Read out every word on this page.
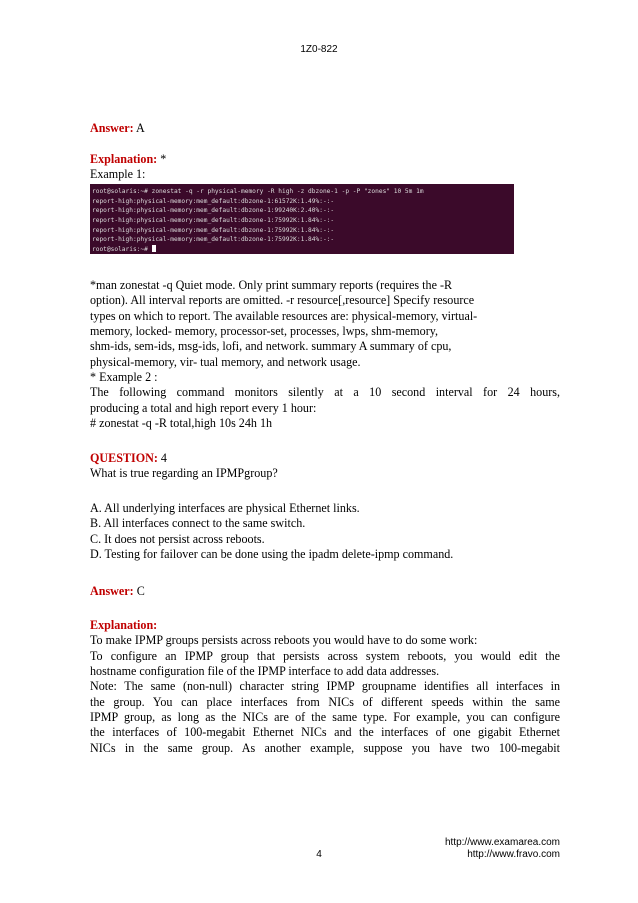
1Z0-822
Answer: A
Explanation: *
Example 1:
root@solaris:~# zonestat -q -r physical-memory -R high -z dbzone-1 -p -P "zones" 10 5m 1m
report-high:physical-memory:mem_default:dbzone-1:61572K:1.49%:-:-
report-high:physical-memory:mem_default:dbzone-1:99240K:2.40%:-:-
report-high:physical-memory:mem_default:dbzone-1:75992K:1.84%:-:-
report-high:physical-memory:mem_default:dbzone-1:75992K:1.84%:-:-
report-high:physical-memory:mem_default:dbzone-1:75992K:1.84%:-:-
root@solaris:~#
*man zonestat -q Quiet mode. Only print summary reports (requires the -R
option). All interval reports are omitted. -r resource[,resource] Specify resource
types on which to report. The available resources are: physical-memory, virtual-
memory, locked- memory, processor-set, processes, lwps, shm-memory,
shm-ids, sem-ids, msg-ids, lofi, and network. summary A summary of cpu,
physical-memory, vir- tual memory, and network usage.
* Example 2 :
The following command monitors silently at a 10 second interval for 24 hours,
producing a total and high report every 1 hour:
# zonestat -q -R total,high 10s 24h 1h
QUESTION: 4
What is true regarding an IPMPgroup?
A. All underlying interfaces are physical Ethernet links.
B. All interfaces connect to the same switch.
C. It does not persist across reboots.
D. Testing for failover can be done using the ipadm delete-ipmp command.
Answer: C
Explanation:
To make IPMP groups persists across reboots you would have to do some work:
To configure an IPMP group that persists across system reboots, you would edit the
hostname configuration file of the IPMP interface to add data addresses.
Note: The same (non-null) character string IPMP groupname identifies all interfaces in
the group. You can place interfaces from NICs of different speeds within the same
IPMP group, as long as the NICs are of the same type. For example, you can configure
the interfaces of 100-megabit Ethernet NICs and the interfaces of one gigabit Ethernet
NICs in the same group. As another example, suppose you have two 100-megabit
4
http://www.examarea.com
http://www.fravo.com
